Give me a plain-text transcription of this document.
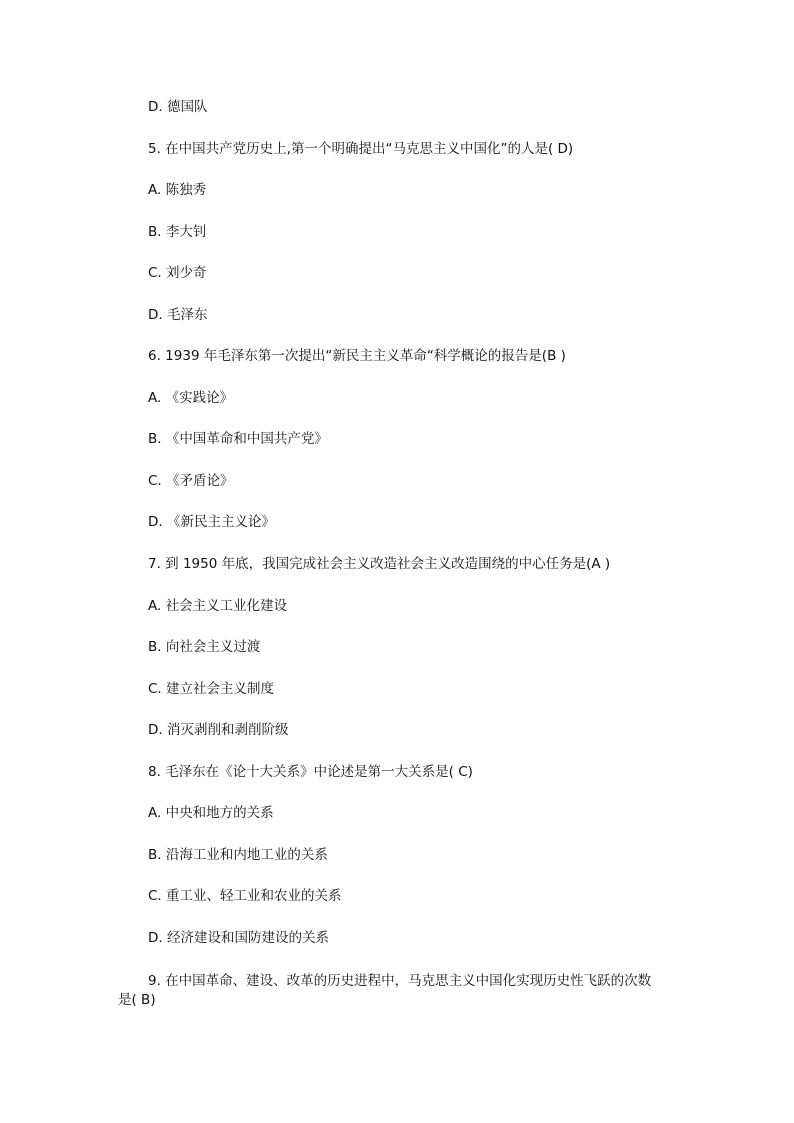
D. 德国队
5. 在中国共产党历史上,第一个明确提出“马克思主义中国化”的人是( D)
A. 陈独秀
B. 李大钊
C. 刘少奇
D. 毛泽东
6. 1939 年毛泽东第一次提出“新民主主义革命“科学概论的报告是(B )
A. 《实践论》
B. 《中国革命和中国共产党》
C. 《矛盾论》
D. 《新民主主义论》
7. 到 1950 年底，我国完成社会主义改造社会主义改造围绕的中心任务是(A )
A. 社会主义工业化建设
B. 向社会主义过渡
C. 建立社会主义制度
D. 消灭剥削和剥削阶级
8. 毛泽东在《论十大关系》中论述是第一大关系是( C)
A. 中央和地方的关系
B. 沿海工业和内地工业的关系
C. 重工业、轻工业和农业的关系
D. 经济建设和国防建设的关系
9. 在中国革命、建设、改革的历史进程中，马克思主义中国化实现历史性飞跃的次数
是( B)
